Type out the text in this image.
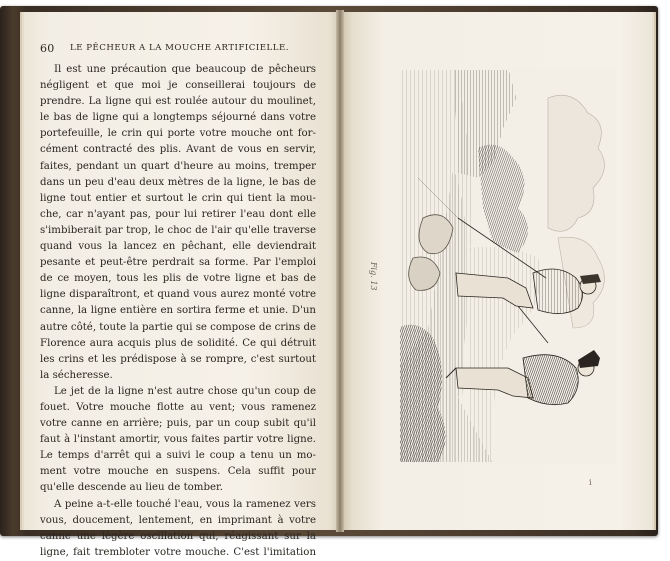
60 LE PÊCHEUR A LA MOUCHE ARTIFICIELLE.
Il est une précaution que beaucoup de pêcheurs
négligent et que moi je conseillerai toujours de
prendre. La ligne qui est roulée autour du moulinet,
le bas de ligne qui a longtemps séjourné dans votre
portefeuille, le crin qui porte votre mouche ont for-
cément contracté des plis. Avant de vous en servir,
faites, pendant un quart d'heure au moins, tremper
dans un peu d'eau deux mètres de la ligne, le bas de
ligne tout entier et surtout le crin qui tient la mou-
che, car n'ayant pas, pour lui retirer l'eau dont elle
s'imbiberait par trop, le choc de l'air qu'elle traverse
quand vous la lancez en pêchant, elle deviendrait
pesante et peut-être perdrait sa forme. Par l'emploi
de ce moyen, tous les plis de votre ligne et bas de
ligne disparaîtront, et quand vous aurez monté votre
canne, la ligne entière en sortira ferme et unie. D'un
autre côté, toute la partie qui se compose de crins de
Florence aura acquis plus de solidité. Ce qui détruit
les crins et les prédispose à se rompre, c'est surtout
la sécheresse.
Le jet de la ligne n'est autre chose qu'un coup de
fouet. Votre mouche flotte au vent; vous ramenez
votre canne en arrière; puis, par un coup subit qu'il
faut à l'instant amortir, vous faites partir votre ligne.
Le temps d'arrêt qui a suivi le coup a tenu un mo-
ment votre mouche en suspens. Cela suffit pour
qu'elle descende au lieu de tomber.
A peine a-t-elle touché l'eau, vous la ramenez vers
vous, doucement, lentement, en imprimant à votre
canne une légère oscillation qui, réagissant sur la
ligne, fait trembloter votre mouche. C'est l'imitation
Fig. 13
i
